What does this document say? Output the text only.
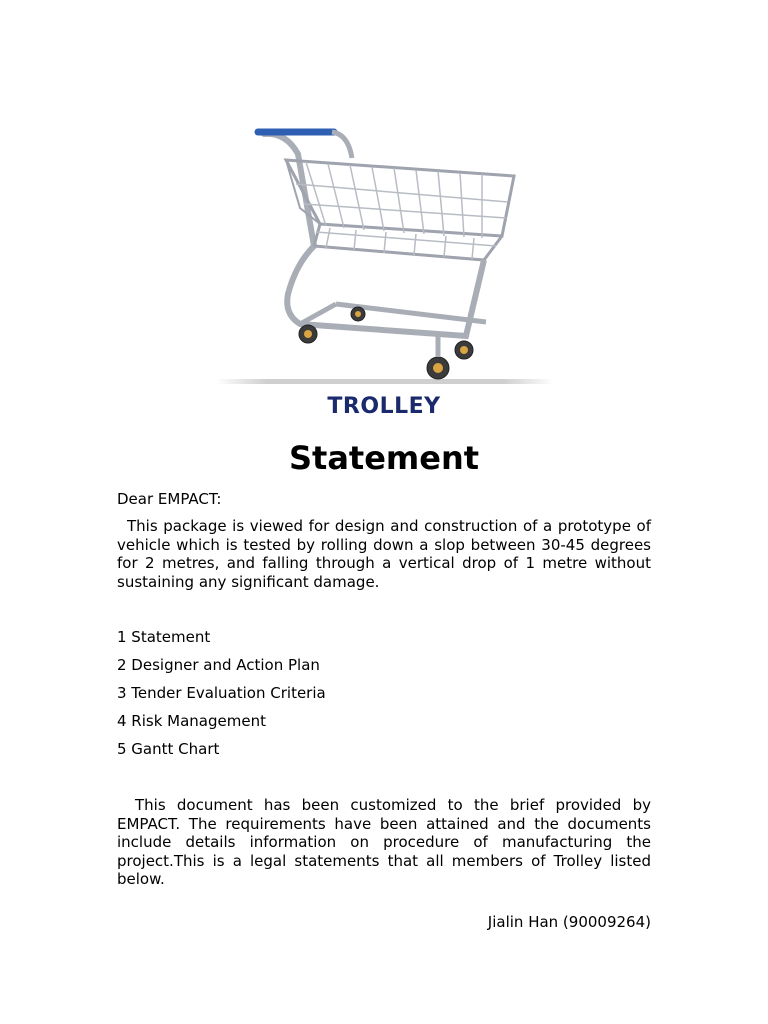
TROLLEY
Statement
Dear EMPACT:
This package is viewed for design and construction of a prototype of vehicle which is tested by rolling down a slop between 30-45 degrees for 2 metres, and falling through a vertical drop of 1 metre without sustaining any significant damage.
1 Statement
2 Designer and Action Plan
3 Tender Evaluation Criteria
4 Risk Management
5 Gantt Chart
This document has been customized to the brief provided by EMPACT. The requirements have been attained and the documents include details information on procedure of manufacturing the project.This is a legal statements that all members of Trolley listed below.
Jialin Han (90009264)
